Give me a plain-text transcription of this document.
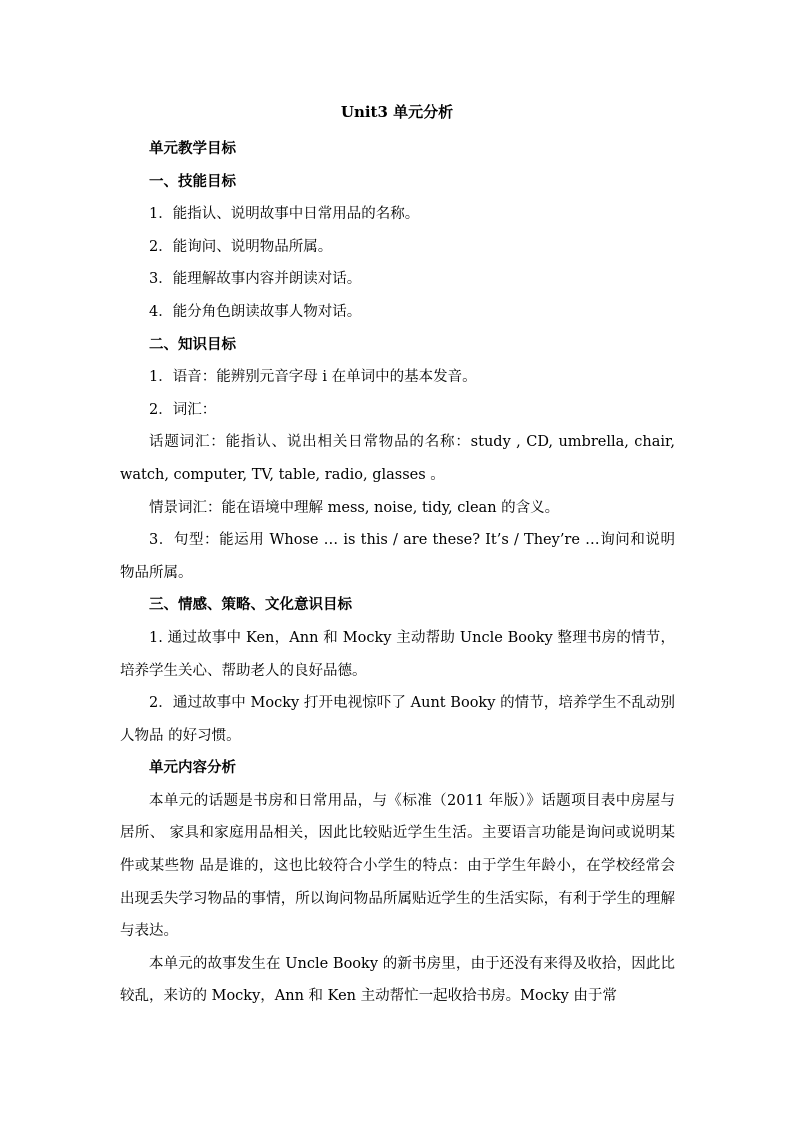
Unit3 单元分析

单元教学目标

一、技能目标

1．能指认、说明故事中日常用品的名称。

2．能询问、说明物品所属。

3．能理解故事内容并朗读对话。

4．能分角色朗读故事人物对话。

二、知识目标

1．语音：能辨别元音字母 i 在单词中的基本发音。

2．词汇：

话题词汇：能指认、说出相关日常物品的名称：study , CD, umbrella, chair, watch, computer, TV, table, radio, glasses 。

情景词汇：能在语境中理解 mess, noise, tidy, clean 的含义。

3．句型：能运用 Whose … is this / are these? It’s / They’re …询问和说明物品所属。

三、情感、策略、文化意识目标

1. 通过故事中 Ken，Ann 和 Mocky 主动帮助 Uncle Booky 整理书房的情节，培养学生关心、帮助老人的良好品德。

2．通过故事中 Mocky 打开电视惊吓了 Aunt Booky 的情节，培养学生不乱动别人物品 的好习惯。

单元内容分析

本单元的话题是书房和日常用品，与《标准（2011 年版）》话题项目表中房屋与居所、 家具和家庭用品相关，因此比较贴近学生生活。主要语言功能是询问或说明某件或某些物 品是谁的，这也比较符合小学生的特点：由于学生年龄小，在学校经常会出现丢失学习物品的事情，所以询问物品所属贴近学生的生活实际，有利于学生的理解与表达。

本单元的故事发生在 Uncle Booky 的新书房里，由于还没有来得及收拾，因此比较乱，来访的 Mocky，Ann 和 Ken 主动帮忙一起收拾书房。Mocky 由于常
